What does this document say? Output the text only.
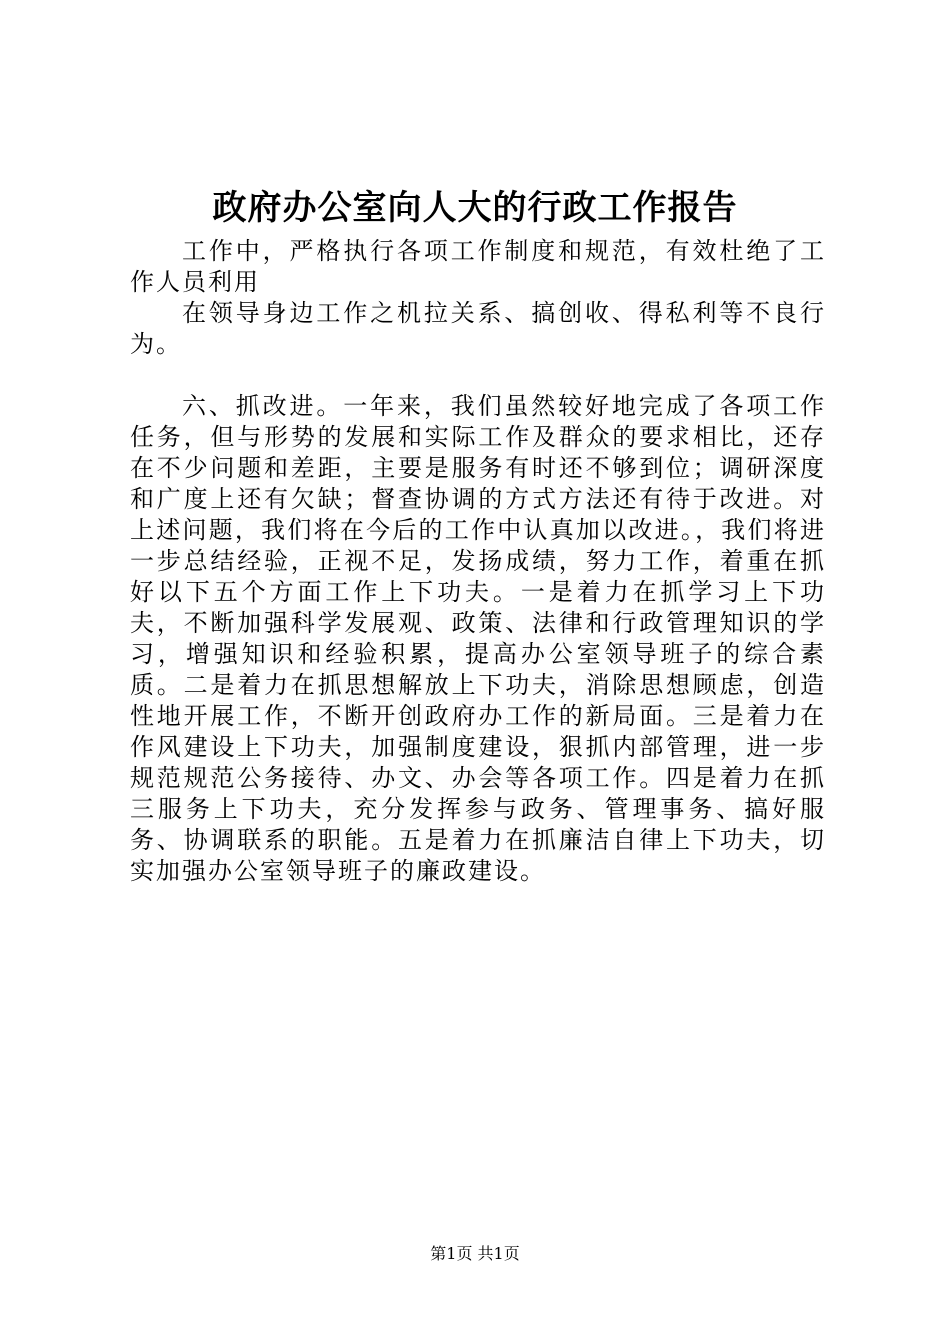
政府办公室向人大的行政工作报告

工作中，严格执行各项工作制度和规范，有效杜绝了工作人员利用

在领导身边工作之机拉关系、搞创收、得私利等不良行为。

六、抓改进。一年来，我们虽然较好地完成了各项工作任务，但与形势的发展和实际工作及群众的要求相比，还存在不少问题和差距，主要是服务有时还不够到位；调研深度和广度上还有欠缺；督查协调的方式方法还有待于改进。对上述问题，我们将在今后的工作中认真加以改进。，我们将进一步总结经验，正视不足，发扬成绩，努力工作，着重在抓好以下五个方面工作上下功夫。一是着力在抓学习上下功夫，不断加强科学发展观、政策、法律和行政管理知识的学习，增强知识和经验积累，提高办公室领导班子的综合素质。二是着力在抓思想解放上下功夫，消除思想顾虑，创造性地开展工作，不断开创政府办工作的新局面。三是着力在作风建设上下功夫，加强制度建设，狠抓内部管理，进一步规范规范公务接待、办文、办会等各项工作。四是着力在抓三服务上下功夫，充分发挥参与政务、管理事务、搞好服务、协调联系的职能。五是着力在抓廉洁自律上下功夫，切实加强办公室领导班子的廉政建设。

第1页 共1页
